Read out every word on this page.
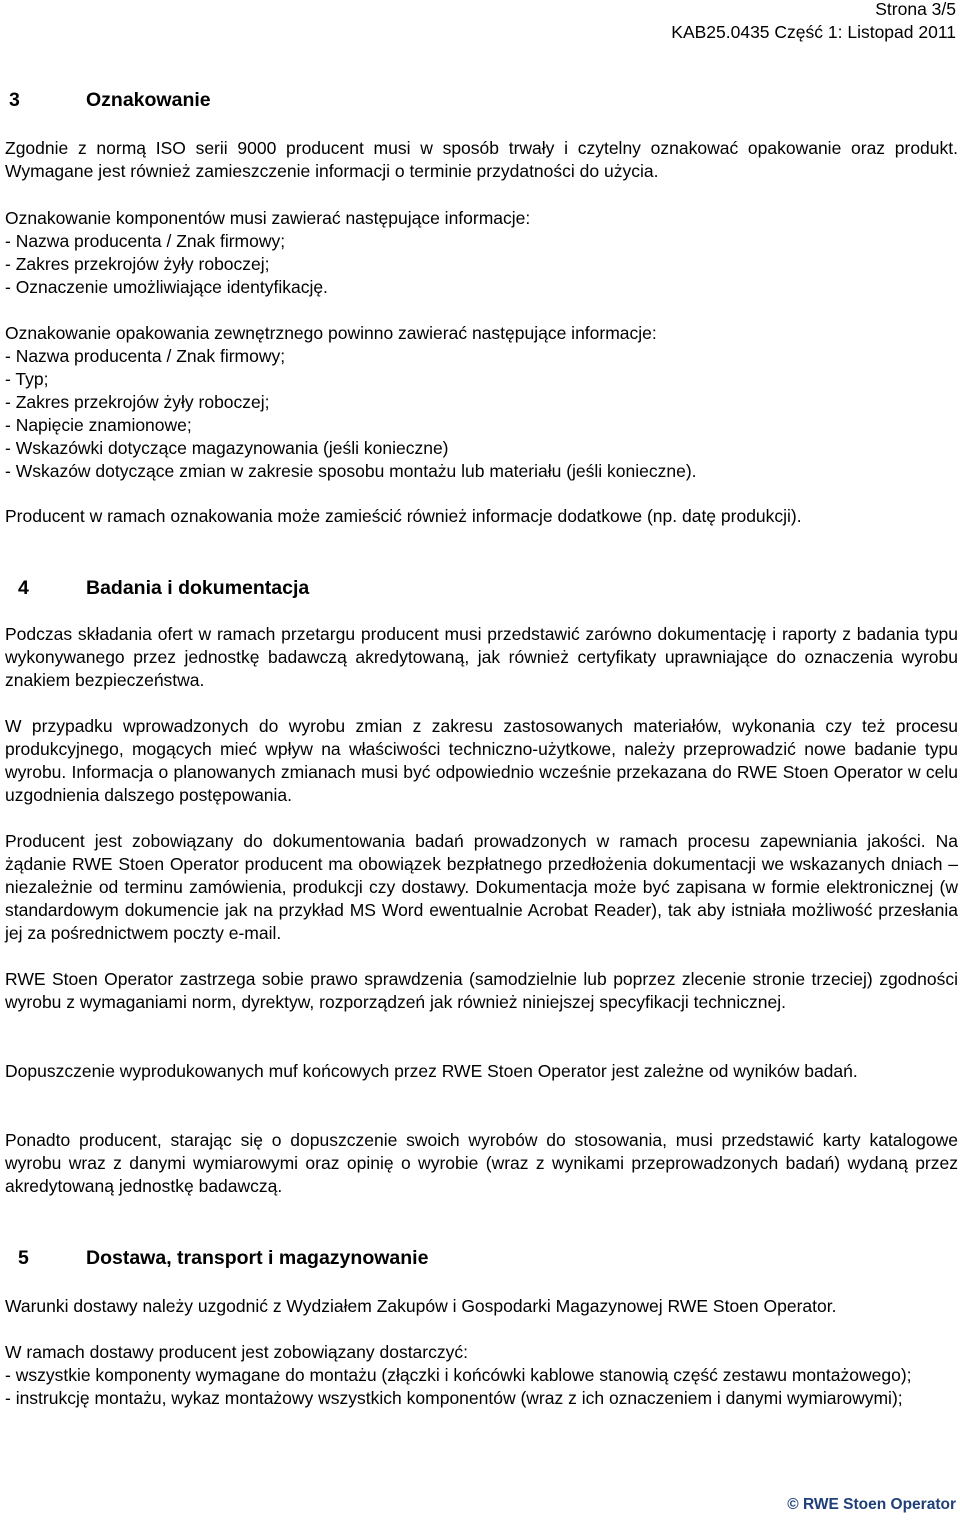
Strona 3/5
KAB25.0435 Część 1: Listopad 2011
3	Oznakowanie
Zgodnie z normą ISO serii 9000 producent musi w sposób trwały i czytelny oznakować opakowanie oraz produkt. Wymagane jest również zamieszczenie informacji o terminie przydatności do użycia.
Oznakowanie komponentów musi zawierać następujące informacje:
- Nazwa producenta / Znak firmowy;
- Zakres przekrojów żyły roboczej;
- Oznaczenie umożliwiające identyfikację.
Oznakowanie opakowania zewnętrznego powinno zawierać następujące informacje:
- Nazwa producenta / Znak firmowy;
- Typ;
- Zakres przekrojów żyły roboczej;
- Napięcie znamionowe;
- Wskazówki dotyczące magazynowania (jeśli konieczne)
- Wskazów dotyczące zmian w zakresie sposobu montażu lub materiału (jeśli konieczne).
Producent w ramach oznakowania może zamieścić również informacje dodatkowe (np. datę produkcji).
4	Badania i dokumentacja
Podczas składania ofert w ramach przetargu producent musi przedstawić zarówno dokumentację i raporty z badania typu wykonywanego przez jednostkę badawczą akredytowaną, jak również certyfikaty uprawniające do oznaczenia wyrobu znakiem bezpieczeństwa.
W przypadku wprowadzonych do wyrobu zmian z zakresu zastosowanych materiałów, wykonania czy też procesu produkcyjnego, mogących mieć wpływ na właściwości techniczno-użytkowe, należy przeprowadzić nowe badanie typu wyrobu. Informacja o planowanych zmianach musi być odpowiednio wcześnie przekazana do RWE Stoen Operator w celu uzgodnienia dalszego postępowania.
Producent jest zobowiązany do dokumentowania badań prowadzonych w ramach procesu zapewniania jakości. Na żądanie RWE Stoen Operator producent ma obowiązek bezpłatnego przedłożenia dokumentacji we wskazanych dniach – niezależnie od terminu zamówienia, produkcji czy dostawy. Dokumentacja może być zapisana w formie elektronicznej (w standardowym dokumencie jak na przykład MS Word ewentualnie Acrobat Reader), tak aby istniała możliwość przesłania jej za pośrednictwem poczty e-mail.
RWE Stoen Operator zastrzega sobie prawo sprawdzenia (samodzielnie lub poprzez zlecenie stronie trzeciej) zgodności wyrobu z wymaganiami norm, dyrektyw, rozporządzeń jak również niniejszej specyfikacji technicznej.
Dopuszczenie wyprodukowanych muf końcowych przez RWE Stoen Operator jest zależne od wyników badań.
Ponadto producent, starając się o dopuszczenie swoich wyrobów do stosowania, musi przedstawić karty katalogowe wyrobu wraz z danymi wymiarowymi oraz opinię o wyrobie (wraz z wynikami przeprowadzonych badań) wydaną przez akredytowaną jednostkę badawczą.
5	Dostawa, transport i magazynowanie
Warunki dostawy należy uzgodnić z Wydziałem Zakupów i Gospodarki Magazynowej RWE Stoen Operator.
W ramach dostawy producent jest zobowiązany dostarczyć:
- wszystkie komponenty wymagane do montażu (złączki i końcówki kablowe stanowią część zestawu montażowego);
- instrukcję montażu, wykaz montażowy wszystkich komponentów (wraz z ich oznaczeniem i danymi wymiarowymi);
© RWE Stoen Operator
